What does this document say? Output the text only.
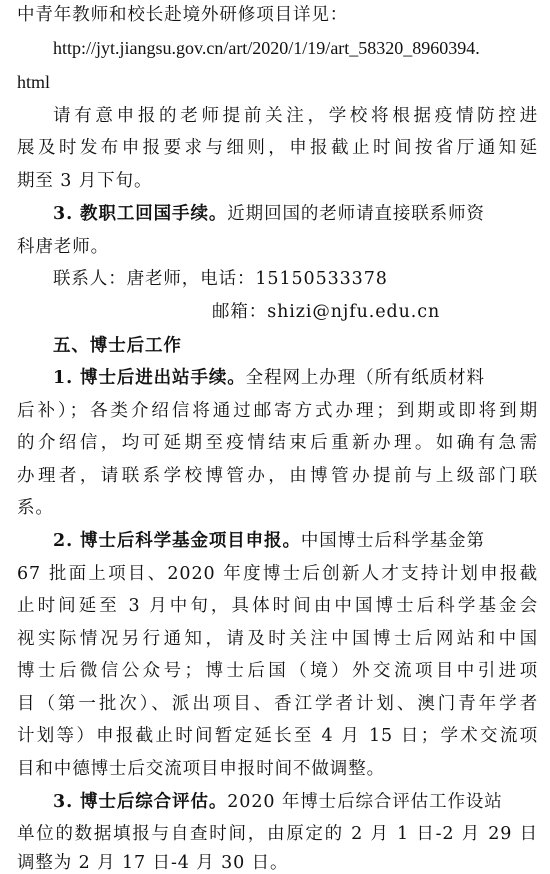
中青年教师和校长赴境外研修项目详见：
http://jyt.jiangsu.gov.cn/art/2020/1/19/art_58320_8960394.
html
请有意申报的老师提前关注，学校将根据疫情防控进
展及时发布申报要求与细则，申报截止时间按省厅通知延
期至 3 月下旬。
3. 教职工回国手续。近期回国的老师请直接联系师资
科唐老师。
联系人：唐老师，电话：15150533378
邮箱：shizi@njfu.edu.cn
五、博士后工作
1. 博士后进出站手续。全程网上办理（所有纸质材料
后补）；各类介绍信将通过邮寄方式办理；到期或即将到期
的介绍信，均可延期至疫情结束后重新办理。如确有急需
办理者，请联系学校博管办，由博管办提前与上级部门联
系。
2. 博士后科学基金项目申报。中国博士后科学基金第
67 批面上项目、2020 年度博士后创新人才支持计划申报截
止时间延至 3 月中旬，具体时间由中国博士后科学基金会
视实际情况另行通知，请及时关注中国博士后网站和中国
博士后微信公众号；博士后国（境）外交流项目中引进项
目（第一批次）、派出项目、香江学者计划、澳门青年学者
计划等）申报截止时间暂定延长至 4 月 15 日；学术交流项
目和中德博士后交流项目申报时间不做调整。
3. 博士后综合评估。2020 年博士后综合评估工作设站
单位的数据填报与自查时间，由原定的 2 月 1 日-2 月 29 日
调整为 2 月 17 日-4 月 30 日。
